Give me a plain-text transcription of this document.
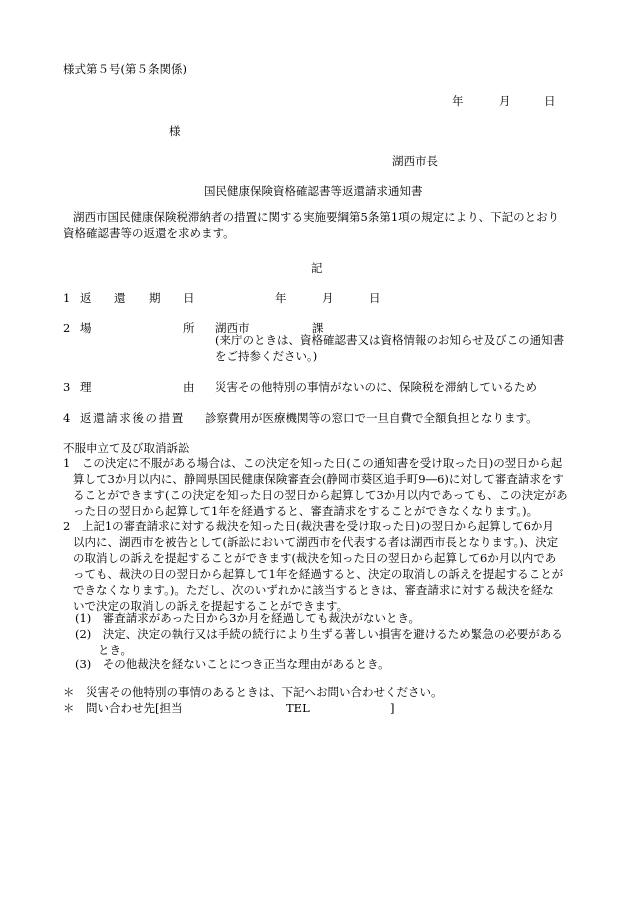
様式第５号(第５条関係)
年	月	日
様
湖西市長
国民健康保険資格確認書等返還請求通知書
湖西市国民健康保険税滞納者の措置に関する実施要綱第5条第1項の規定により、下記のとおり
資格確認書等の返還を求めます。
記
1 返 還 期 日	年	月	日
2 場	所 湖西市	課
(来庁のときは、資格確認書又は資格情報のお知らせ及びこの通知書
をご持参ください。)
3 理	由 災害その他特別の事情がないのに、保険税を滞納しているため
4 返還請求後の措置 診察費用が医療機関等の窓口で一旦自費で全額負担となります。
不服申立て及び取消訴訟
1　この決定に不服がある場合は、この決定を知った日(この通知書を受け取った日)の翌日から起
算して3か月以内に、静岡県国民健康保険審査会(静岡市葵区追手町9―6)に対して審査請求をす
ることができます(この決定を知った日の翌日から起算して3か月以内であっても、この決定があ
った日の翌日から起算して1年を経過すると、審査請求をすることができなくなります。)。
2　上記1の審査請求に対する裁決を知った日(裁決書を受け取った日)の翌日から起算して6か月
以内に、湖西市を被告として(訴訟において湖西市を代表する者は湖西市長となります。)、決定
の取消しの訴えを提起することができます(裁決を知った日の翌日から起算して6か月以内であ
っても、裁決の日の翌日から起算して1年を経過すると、決定の取消しの訴えを提起することが
できなくなります。)。ただし、次のいずれかに該当するときは、審査請求に対する裁決を経な
いで決定の取消しの訴えを提起することができます。
(1)　審査請求があった日から3か月を経過しても裁決がないとき。
(2)　決定、決定の執行又は手続の続行により生ずる著しい損害を避けるため緊急の必要がある
とき。
(3)　その他裁決を経ないことにつき正当な理由があるとき。
＊　災害その他特別の事情のあるときは、下記へお問い合わせください。
＊　問い合わせ先[担当	TEL	]
